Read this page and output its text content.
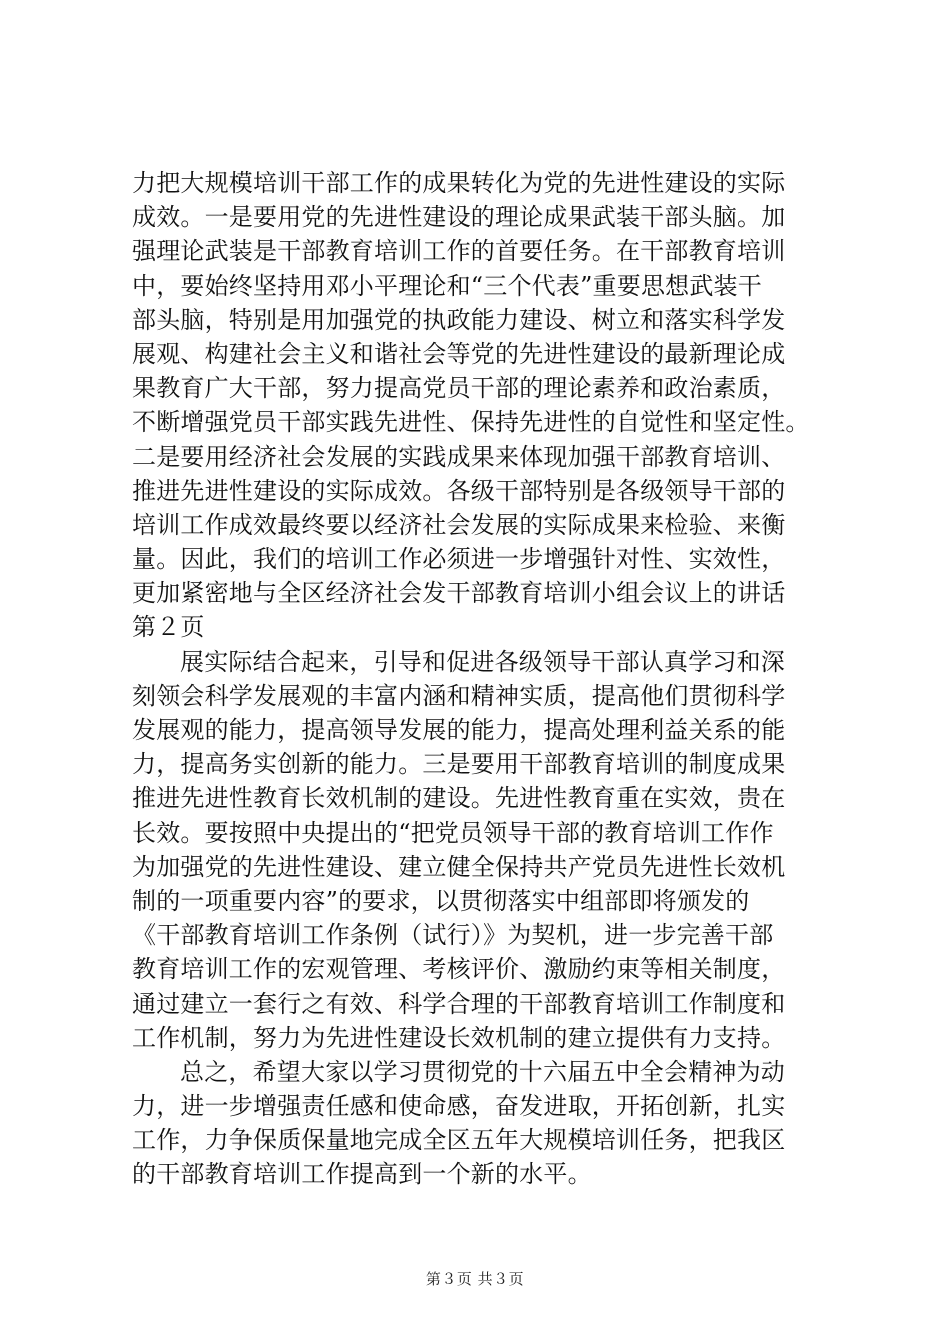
力把大规模培训干部工作的成果转化为党的先进性建设的实际
成效。一是要用党的先进性建设的理论成果武装干部头脑。加
强理论武装是干部教育培训工作的首要任务。在干部教育培训
中，要始终坚持用邓小平理论和“三个代表”重要思想武装干
部头脑，特别是用加强党的执政能力建设、树立和落实科学发
展观、构建社会主义和谐社会等党的先进性建设的最新理论成
果教育广大干部，努力提高党员干部的理论素养和政治素质，
不断增强党员干部实践先进性、保持先进性的自觉性和坚定性。
二是要用经济社会发展的实践成果来体现加强干部教育培训、
推进先进性建设的实际成效。各级干部特别是各级领导干部的
培训工作成效最终要以经济社会发展的实际成果来检验、来衡
量。因此，我们的培训工作必须进一步增强针对性、实效性，
更加紧密地与全区经济社会发干部教育培训小组会议上的讲话
第２页
展实际结合起来，引导和促进各级领导干部认真学习和深
刻领会科学发展观的丰富内涵和精神实质，提高他们贯彻科学
发展观的能力，提高领导发展的能力，提高处理利益关系的能
力，提高务实创新的能力。三是要用干部教育培训的制度成果
推进先进性教育长效机制的建设。先进性教育重在实效，贵在
长效。要按照中央提出的“把党员领导干部的教育培训工作作
为加强党的先进性建设、建立健全保持共产党员先进性长效机
制的一项重要内容”的要求，以贯彻落实中组部即将颁发的
《干部教育培训工作条例（试行）》为契机，进一步完善干部
教育培训工作的宏观管理、考核评价、激励约束等相关制度，
通过建立一套行之有效、科学合理的干部教育培训工作制度和
工作机制，努力为先进性建设长效机制的建立提供有力支持。
总之，希望大家以学习贯彻党的十六届五中全会精神为动
力，进一步增强责任感和使命感，奋发进取，开拓创新，扎实
工作，力争保质保量地完成全区五年大规模培训任务，把我区
的干部教育培训工作提高到一个新的水平。
第３页 共３页
